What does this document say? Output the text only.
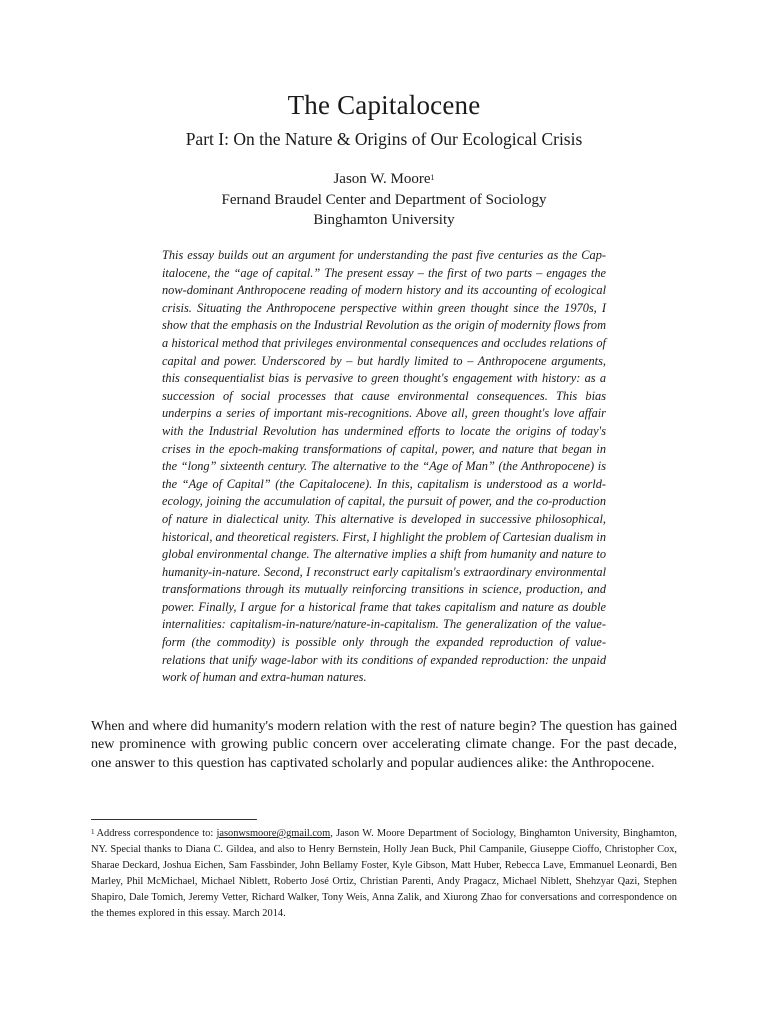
The Capitalocene
Part I: On the Nature & Origins of Our Ecological Crisis
Jason W. Moore$^1$
Fernand Braudel Center and Department of Sociology
Binghamton University
This essay builds out an argument for understanding the past five centuries as the Capitalocene, the “age of capital.” The present essay – the first of two parts – engages the now-dominant Anthropocene reading of modern history and its accounting of ecological crisis. Situating the Anthropocene perspective within green thought since the 1970s, I show that the emphasis on the Industrial Revolution as the origin of modernity flows from a historical method that privileges environmental consequences and occludes relations of capital and power. Underscored by – but hardly limited to – Anthropocene arguments, this consequentialist bias is pervasive to green thought's engagement with history: as a succession of social processes that cause environmental consequences. This bias underpins a series of important mis-recognitions. Above all, green thought's love affair with the Industrial Revolution has undermined efforts to locate the origins of today's crises in the epoch-making transformations of capital, power, and nature that began in the “long” sixteenth century. The alternative to the “Age of Man” (the Anthropocene) is the “Age of Capital” (the Capitalocene). In this, capitalism is understood as a world-ecology, joining the accumulation of capital, the pursuit of power, and the co-production of nature in dialectical unity. This alternative is developed in successive philosophical, historical, and theoretical registers. First, I highlight the problem of Cartesian dualism in global environmental change. The alternative implies a shift from humanity and nature to humanity-in-nature. Second, I reconstruct early capitalism's extraordinary environmental transformations through its mutually reinforcing transitions in science, production, and power. Finally, I argue for a historical frame that takes capitalism and nature as double internalities: capitalism-in-nature/nature-in-capitalism. The generalization of the value-form (the commodity) is possible only through the expanded reproduction of value-relations that unify wage-labor with its conditions of expanded reproduction: the unpaid work of human and extra-human natures.
When and where did humanity's modern relation with the rest of nature begin? The question has gained new prominence with growing public concern over accelerating climate change. For the past decade, one answer to this question has captivated scholarly and popular audiences alike: the Anthropocene.
$^1$ Address correspondence to: jasonwsmoore@gmail.com, Jason W. Moore Department of Sociology, Binghamton University, Binghamton, NY. Special thanks to Diana C. Gildea, and also to Henry Bernstein, Holly Jean Buck, Phil Campanile, Giuseppe Cioffo, Christopher Cox, Sharae Deckard, Joshua Eichen, Sam Fassbinder, John Bellamy Foster, Kyle Gibson, Matt Huber, Rebecca Lave, Emmanuel Leonardi, Ben Marley, Phil McMichael, Michael Niblett, Roberto José Ortiz, Christian Parenti, Andy Pragacz, Michael Niblett, Shehzyar Qazi, Stephen Shapiro, Dale Tomich, Jeremy Vetter, Richard Walker, Tony Weis, Anna Zalik, and Xiurong Zhao for conversations and correspondence on the themes explored in this essay. March 2014.
